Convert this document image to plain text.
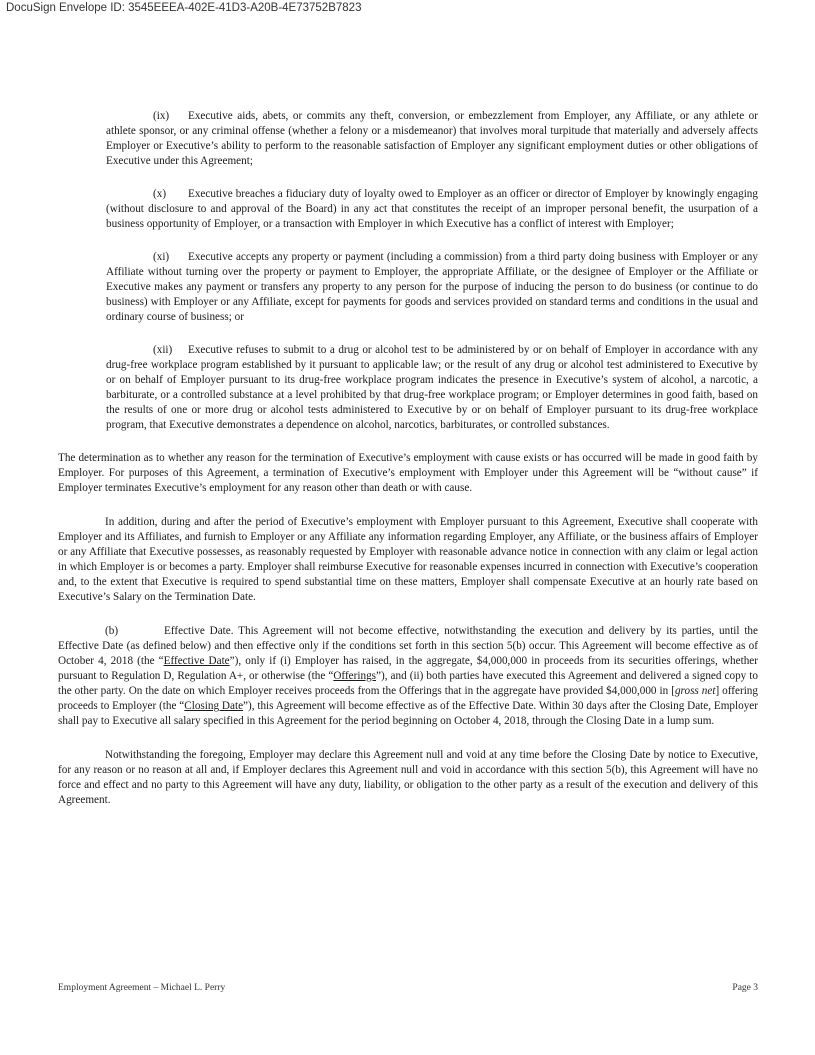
DocuSign Envelope ID: 3545EEEA-402E-41D3-A20B-4E73752B7823

(ix) Executive aids, abets, or commits any theft, conversion, or embezzlement from Employer, any Affiliate, or any athlete or athlete sponsor, or any criminal offense (whether a felony or a misdemeanor) that involves moral turpitude that materially and adversely affects Employer or Executive’s ability to perform to the reasonable satisfaction of Employer any significant employment duties or other obligations of Executive under this Agreement;

(x) Executive breaches a fiduciary duty of loyalty owed to Employer as an officer or director of Employer by knowingly engaging (without disclosure to and approval of the Board) in any act that constitutes the receipt of an improper personal benefit, the usurpation of a business opportunity of Employer, or a transaction with Employer in which Executive has a conflict of interest with Employer;

(xi) Executive accepts any property or payment (including a commission) from a third party doing business with Employer or any Affiliate without turning over the property or payment to Employer, the appropriate Affiliate, or the designee of Employer or the Affiliate or Executive makes any payment or transfers any property to any person for the purpose of inducing the person to do business (or continue to do business) with Employer or any Affiliate, except for payments for goods and services provided on standard terms and conditions in the usual and ordinary course of business; or

(xii) Executive refuses to submit to a drug or alcohol test to be administered by or on behalf of Employer in accordance with any drug-free workplace program established by it pursuant to applicable law; or the result of any drug or alcohol test administered to Executive by or on behalf of Employer pursuant to its drug-free workplace program indicates the presence in Executive’s system of alcohol, a narcotic, a barbiturate, or a controlled substance at a level prohibited by that drug-free workplace program; or Employer determines in good faith, based on the results of one or more drug or alcohol tests administered to Executive by or on behalf of Employer pursuant to its drug-free workplace program, that Executive demonstrates a dependence on alcohol, narcotics, barbiturates, or controlled substances.

The determination as to whether any reason for the termination of Executive’s employment with cause exists or has occurred will be made in good faith by Employer. For purposes of this Agreement, a termination of Executive’s employment with Employer under this Agreement will be “without cause” if Employer terminates Executive’s employment for any reason other than death or with cause.

In addition, during and after the period of Executive’s employment with Employer pursuant to this Agreement, Executive shall cooperate with Employer and its Affiliates, and furnish to Employer or any Affiliate any information regarding Employer, any Affiliate, or the business affairs of Employer or any Affiliate that Executive possesses, as reasonably requested by Employer with reasonable advance notice in connection with any claim or legal action in which Employer is or becomes a party. Employer shall reimburse Executive for reasonable expenses incurred in connection with Executive’s cooperation and, to the extent that Executive is required to spend substantial time on these matters, Employer shall compensate Executive at an hourly rate based on Executive’s Salary on the Termination Date.

(b)	Effective Date. This Agreement will not become effective, notwithstanding the execution and delivery by its parties, until the Effective Date (as defined below) and then effective only if the conditions set forth in this section 5(b) occur. This Agreement will become effective as of October 4, 2018 (the “Effective Date”), only if (i) Employer has raised, in the aggregate, $4,000,000 in proceeds from its securities offerings, whether pursuant to Regulation D, Regulation A+, or otherwise (the “Offerings”), and (ii) both parties have executed this Agreement and delivered a signed copy to the other party. On the date on which Employer receives proceeds from the Offerings that in the aggregate have provided $4,000,000 in [gross net] offering proceeds to Employer (the “Closing Date”), this Agreement will become effective as of the Effective Date. Within 30 days after the Closing Date, Employer shall pay to Executive all salary specified in this Agreement for the period beginning on October 4, 2018, through the Closing Date in a lump sum.

Notwithstanding the foregoing, Employer may declare this Agreement null and void at any time before the Closing Date by notice to Executive, for any reason or no reason at all and, if Employer declares this Agreement null and void in accordance with this section 5(b), this Agreement will have no force and effect and no party to this Agreement will have any duty, liability, or obligation to the other party as a result of the execution and delivery of this Agreement.

Employment Agreement – Michael L. Perry	Page 3
